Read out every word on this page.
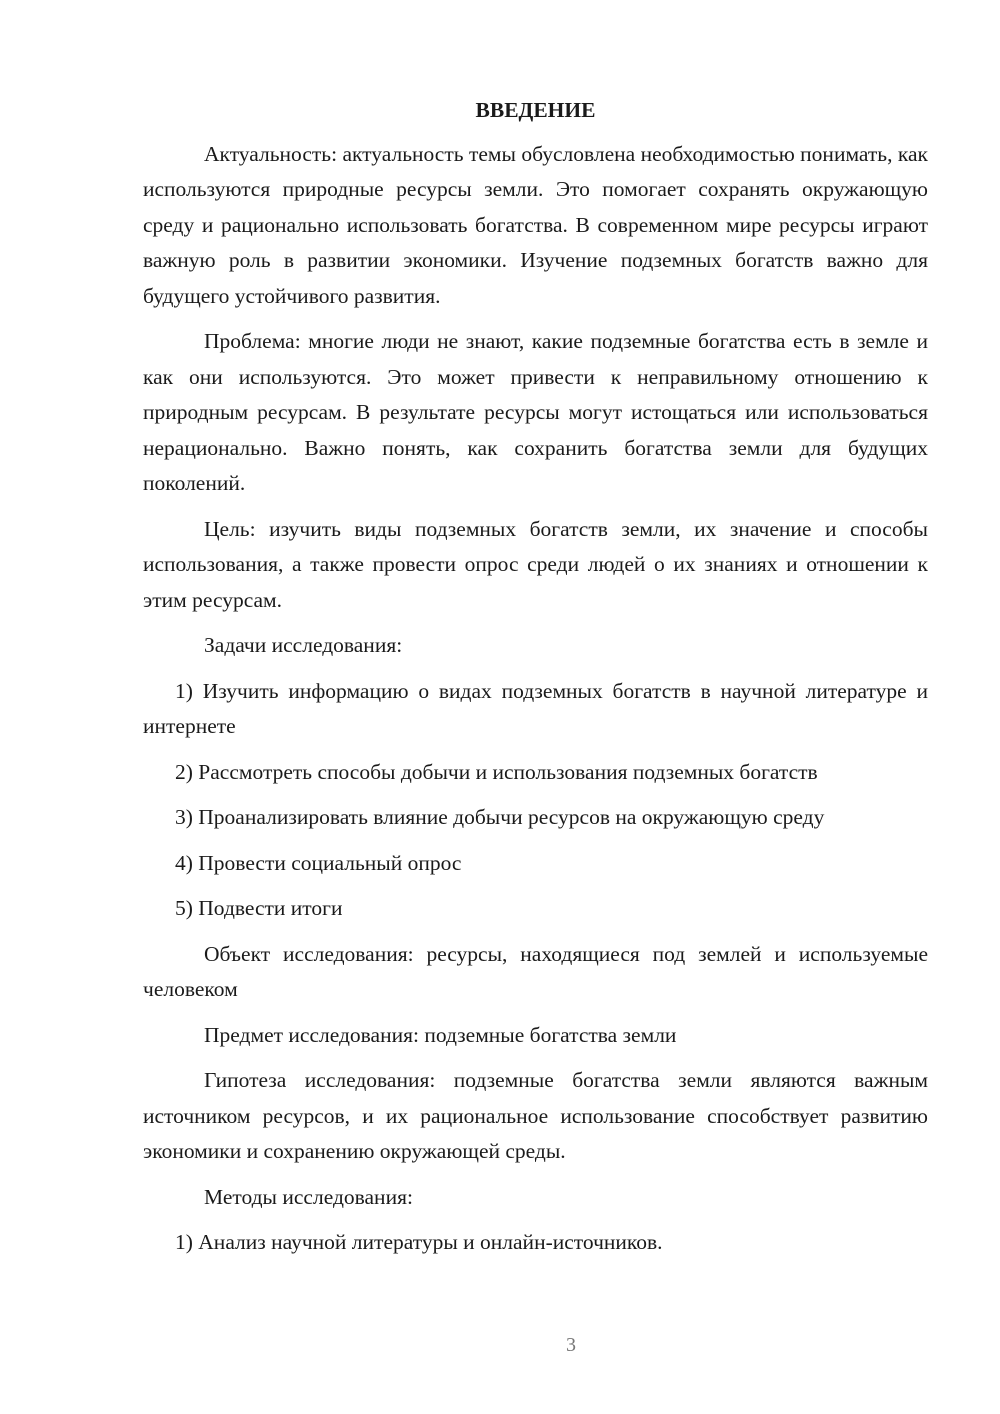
ВВЕДЕНИЕ

Актуальность: актуальность темы обусловлена необходимостью понимать, как используются природные ресурсы земли. Это помогает сохранять окружающую среду и рационально использовать богатства. В современном мире ресурсы играют важную роль в развитии экономики. Изучение подземных богатств важно для будущего устойчивого развития.

Проблема: многие люди не знают, какие подземные богатства есть в земле и как они используются. Это может привести к неправильному отношению к природным ресурсам. В результате ресурсы могут истощаться или использоваться нерационально. Важно понять, как сохранить богатства земли для будущих поколений.

Цель: изучить виды подземных богатств земли, их значение и способы использования, а также провести опрос среди людей о их знаниях и отношении к этим ресурсам.

Задачи исследования:

1) Изучить информацию о видах подземных богатств в научной литературе и интернете

2) Рассмотреть способы добычи и использования подземных богатств

3) Проанализировать влияние добычи ресурсов на окружающую среду

4) Провести социальный опрос

5) Подвести итоги

Объект исследования: ресурсы, находящиеся под землей и используемые человеком

Предмет исследования: подземные богатства земли

Гипотеза исследования: подземные богатства земли являются важным источником ресурсов, и их рациональное использование способствует развитию экономики и сохранению окружающей среды.

Методы исследования:

1) Анализ научной литературы и онлайн-источников.

3
